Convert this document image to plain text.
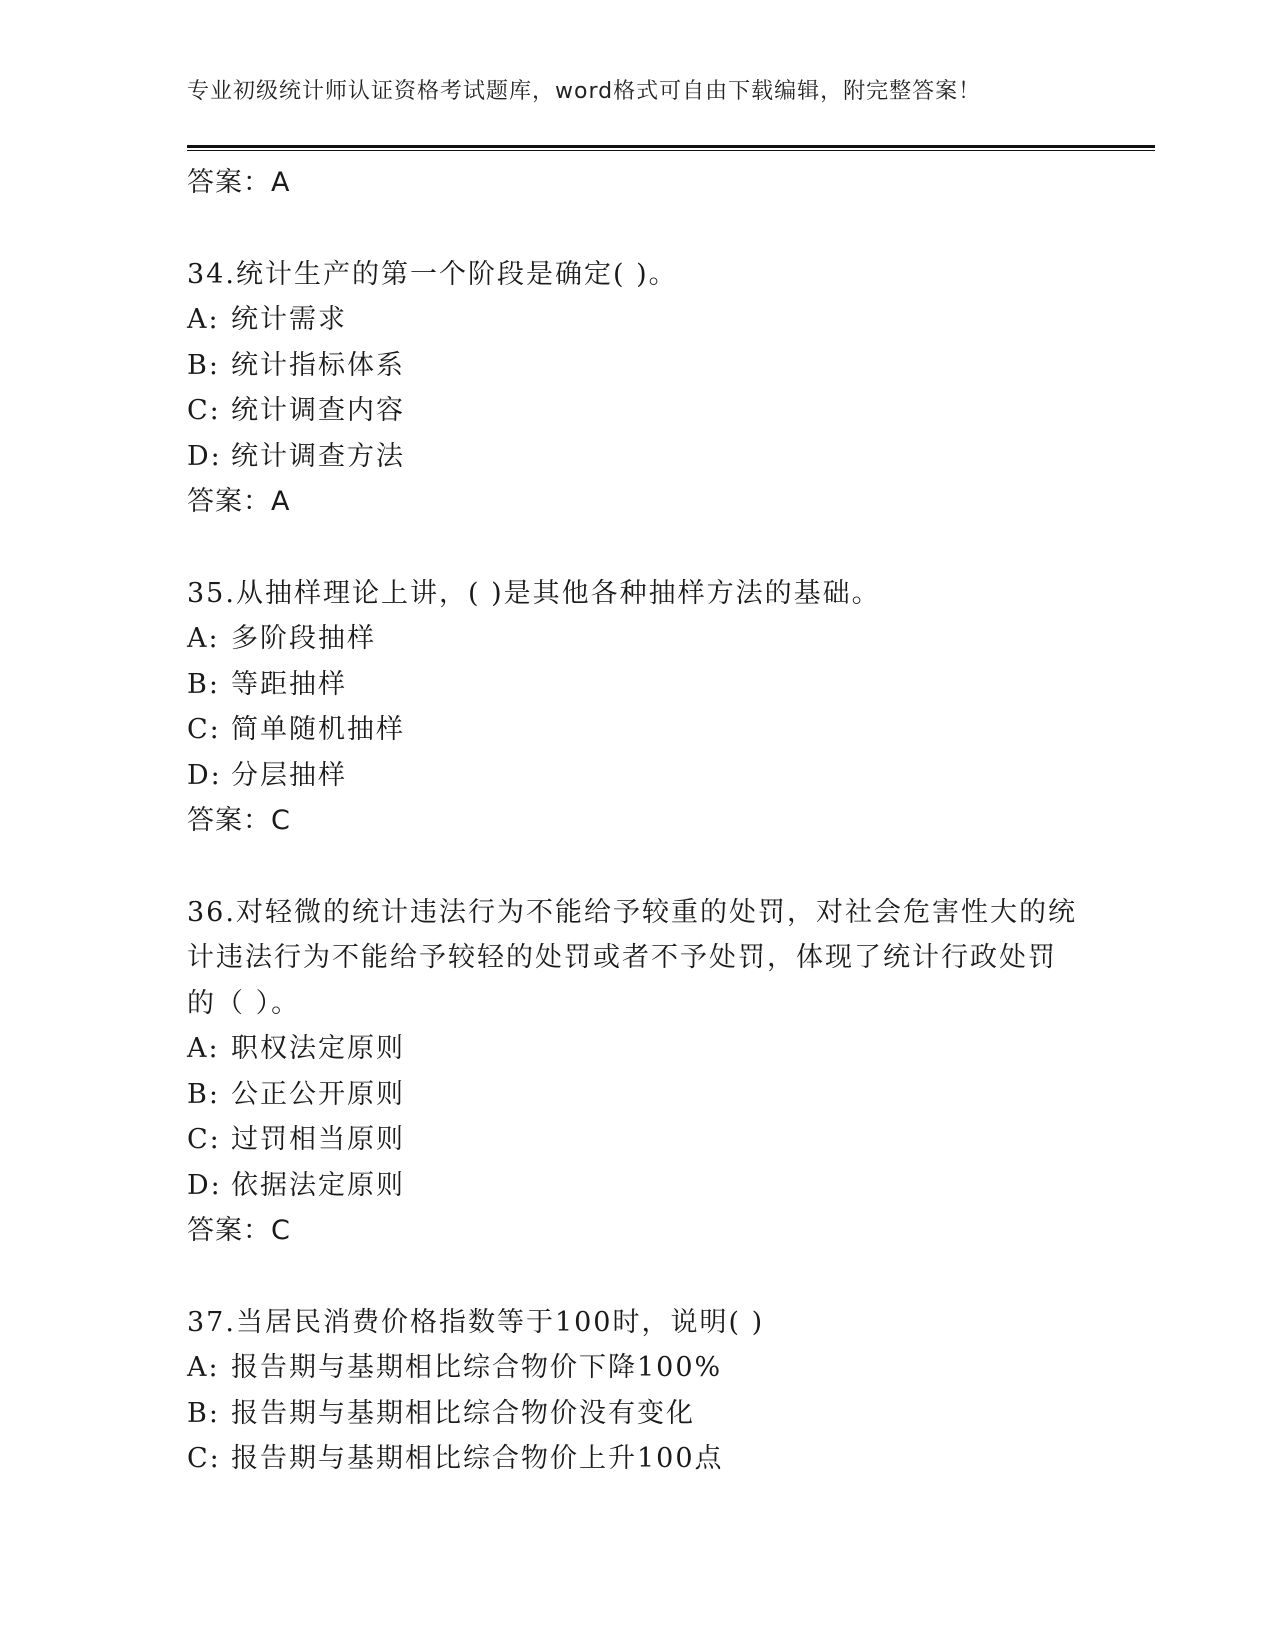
专业初级统计师认证资格考试题库，word格式可自由下载编辑，附完整答案！
答案：A
34.统计生产的第一个阶段是确定( )。
A: 统计需求
B: 统计指标体系
C: 统计调查内容
D: 统计调查方法
答案：A
35.从抽样理论上讲，( )是其他各种抽样方法的基础。
A: 多阶段抽样
B: 等距抽样
C: 简单随机抽样
D: 分层抽样
答案：C
36.对轻微的统计违法行为不能给予较重的处罚，对社会危害性大的统
计违法行为不能给予较轻的处罚或者不予处罚，体现了统计行政处罚
的（ ）。
A: 职权法定原则
B: 公正公开原则
C: 过罚相当原则
D: 依据法定原则
答案：C
37.当居民消费价格指数等于100时，说明( )
A: 报告期与基期相比综合物价下降100%
B: 报告期与基期相比综合物价没有变化
C: 报告期与基期相比综合物价上升100点
